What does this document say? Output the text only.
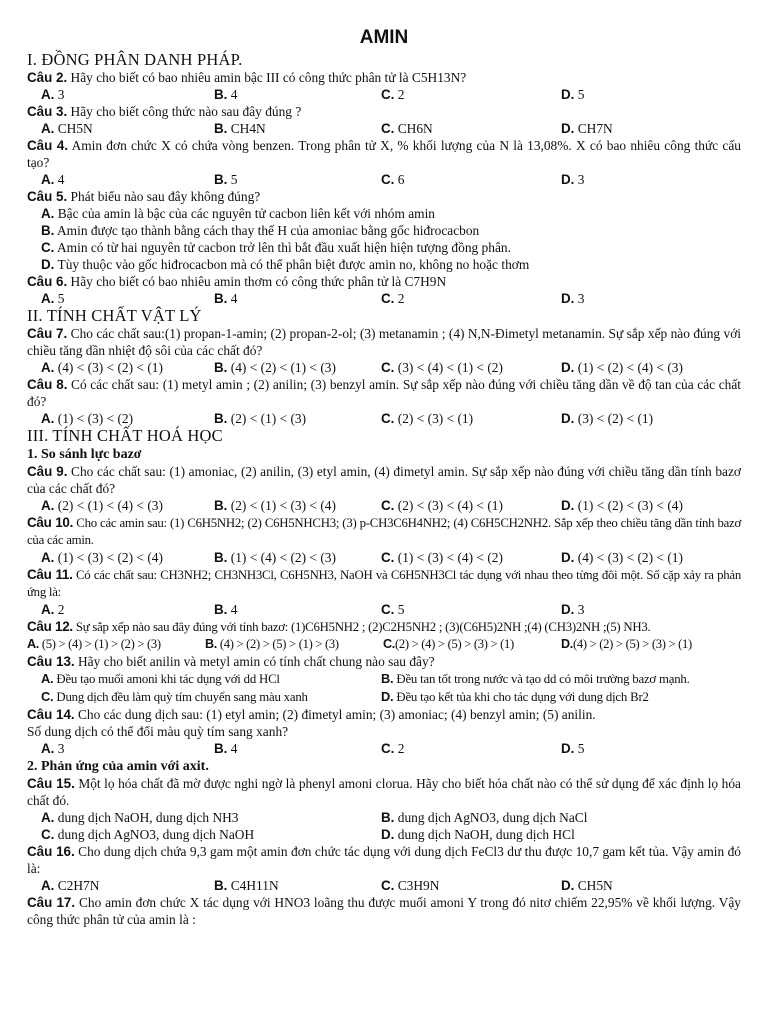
AMIN
I. ĐỒNG PHÂN DANH PHÁP.

Câu 2. Hãy cho biết có bao nhiêu amin bậc III có công thức phân tử là C5H13N?

A. 3	B. 4	C. 2	D. 5

Câu 3. Hãy cho biết công thức nào sau đây đúng ?

A. CH5N	B. CH4N	C. CH6N	D. CH7N

Câu 4. Amin đơn chức X có chứa vòng benzen. Trong phân tử X, % khối lượng của N là 13,08%. X có bao nhiêu công thức cấu tạo?

A. 4	B. 5	C. 6	D. 3

Câu 5. Phát biểu nào sau đây không đúng?

A. Bậc của amin là bậc của các nguyên tử cacbon liên kết với nhóm amin
B. Amin được tạo thành bằng cách thay thế H của amoniac bằng gốc hiđrocacbon
C. Amin có từ hai nguyên tử cacbon trở lên thì bắt đầu xuất hiện hiện tượng đồng phân.
D. Tùy thuộc vào gốc hiđrocacbon mà có thể phân biệt được amin no, không no hoặc thơm

Câu 6. Hãy cho biết có bao nhiêu amin thơm có công thức phân tử là C7H9N

A. 5	B. 4	C. 2	D. 3
II. TÍNH CHẤT VẬT LÝ

Câu 7. Cho các chất sau:(1) propan-1-amin; (2) propan-2-ol; (3) metanamin ; (4) N,N-Đimetyl metanamin. Sự sắp xếp nào đúng với chiều tăng dần nhiệt độ sôi của các chất đó?

A. (4) < (3) < (2) < (1)	B. (4) < (2) < (1) < (3)	C. (3) < (4) < (1) < (2)	D. (1) < (2) < (4) < (3)

Câu 8. Có các chất sau: (1) metyl amin ; (2) anilin; (3) benzyl amin. Sự sắp xếp nào đúng với chiều tăng dần về độ tan của các chất đó?

A. (1) < (3) < (2)	B. (2) < (1) < (3)	C. (2) < (3) < (1)	D. (3) < (2) < (1)
III. TÍNH CHẤT HOÁ HỌC
1. So sánh lực bazơ

Câu 9. Cho các chất sau: (1) amoniac, (2) anilin, (3) etyl amin, (4) đimetyl amin. Sự sắp xếp nào đúng với chiều tăng dần tính bazơ của các chất đó?

A. (2) < (1) < (4) < (3)	B. (2) < (1) < (3) < (4)	C. (2) < (3) < (4) < (1)	D. (1) < (2) < (3) < (4)

Câu 10. Cho các amin sau: (1) C6H5NH2; (2) C6H5NHCH3; (3) p-CH3C6H4NH2; (4) C6H5CH2NH2. Sắp xếp theo chiều tăng dần tính bazơ của các amin.

A. (1) < (3) < (2) < (4)	B. (1) < (4) < (2) < (3)	C. (1) < (3) < (4) < (2)	D. (4) < (3) < (2) < (1)

Câu 11. Có các chất sau: CH3NH2; CH3NH3Cl, C6H5NH3, NaOH và C6H5NH3Cl tác dụng với nhau theo từng đôi một. Số cặp xảy ra phản ứng là:

A. 2	B. 4	C. 5	D. 3

Câu 12. Sự sắp xếp nào sau đây đúng với tính bazơ: (1)C6H5NH2 ; (2)C2H5NH2 ; (3)(C6H5)2NH ;(4) (CH3)2NH ;(5) NH3.

A. (5) > (4) > (1) > (2) > (3)	B. (4) > (2) > (5) > (1) > (3)	C.(2) > (4) > (5) > (3) > (1)	D.(4) > (2) > (5) > (3) > (1)

Câu 13. Hãy cho biết anilin và metyl amin có tính chất chung nào sau đây?

A. Đều tạo muối amoni khi tác dụng với dd HCl	B. Đều tan tốt trong nước và tạo dd có môi trường bazơ mạnh.
C. Dung dịch đều làm quỳ tím chuyển sang màu xanh	D. Đều tạo kết tủa khi cho tác dụng với dung dịch Br2

Câu 14. Cho các dung dịch sau: (1) etyl amin; (2) đimetyl amin; (3) amoniac; (4) benzyl amin; (5) anilin.

Số dung dịch có thể đổi màu quỳ tím sang xanh?

A. 3	B. 4	C. 2	D. 5
2. Phản ứng của amin với axit.

Câu 15. Một lọ hóa chất đã mờ được nghi ngờ là phenyl amoni clorua. Hãy cho biết hóa chất nào có thể sử dụng để xác định lọ hóa chất đó.

A. dung dịch NaOH, dung dịch NH3	B. dung dịch AgNO3, dung dịch NaCl
C. dung dịch AgNO3, dung dịch NaOH	D. dung dịch NaOH, dung dịch HCl

Câu 16. Cho dung dịch chứa 9,3 gam một amin đơn chức tác dụng với dung dịch FeCl3 dư thu được 10,7 gam kết tủa. Vậy amin đó là:

A. C2H7N	B. C4H11N	C. C3H9N	D. CH5N

Câu 17. Cho amin đơn chức X tác dụng với HNO3 loãng thu được muối amoni Y trong đó nitơ chiếm 22,95% về khối lượng. Vậy công thức phân tử của amin là :
